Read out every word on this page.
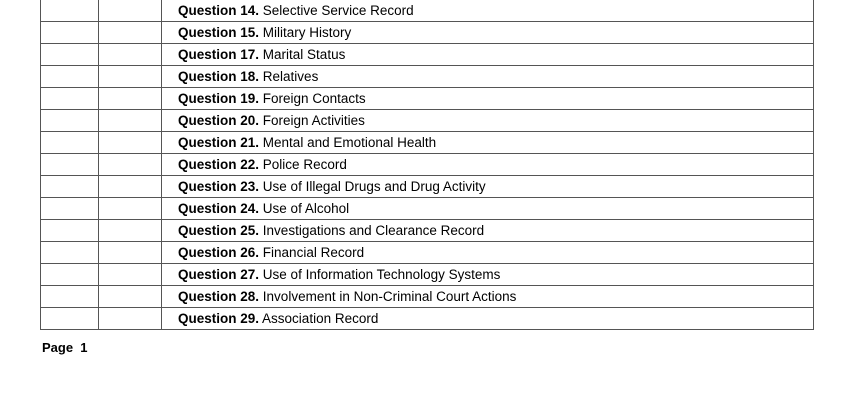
		Question 14. Selective Service Record
		Question 15. Military History
		Question 17. Marital Status
		Question 18. Relatives
		Question 19. Foreign Contacts
		Question 20. Foreign Activities
		Question 21. Mental and Emotional Health
		Question 22. Police Record
		Question 23. Use of Illegal Drugs and Drug Activity
		Question 24. Use of Alcohol
		Question 25. Investigations and Clearance Record
		Question 26. Financial Record
		Question 27. Use of Information Technology Systems
		Question 28. Involvement in Non-Criminal Court Actions
		Question 29. Association Record
Page  1
